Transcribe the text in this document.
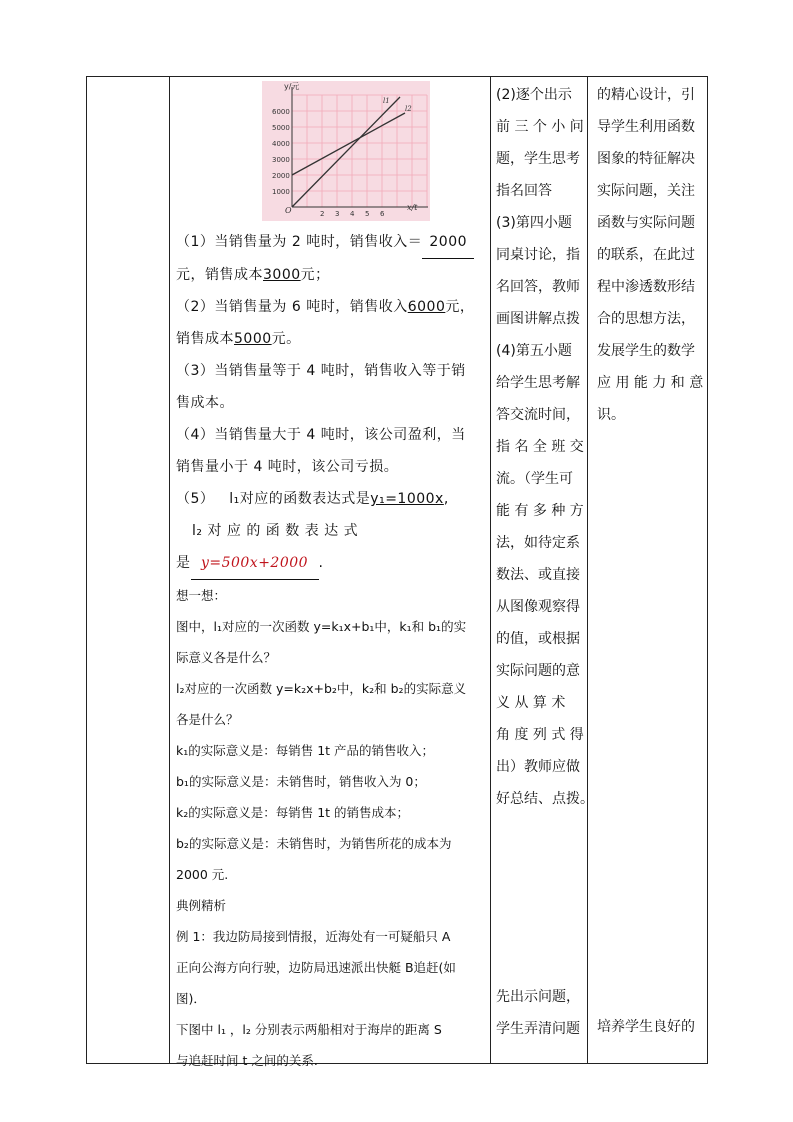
y/元
x/t
O
1000
2000
3000
4000
5000
6000
2 3 4 5 6
l1
l2

（1）当销售量为 2 吨时，销售收入＝ 2000

元，销售成本3000元；

（2）当销售量为 6 吨时，销售收入6000元，

销售成本5000元。

（3）当销售量等于 4 吨时，销售收入等于销

售成本。

（4）当销售量大于 4 吨时，该公司盈利，当

销售量小于 4 吨时，该公司亏损。

（5） l₁对应的函数表达式是y₁=1000x,

l₂ 对 应 的 函 数 表 达 式

是 y=500x+2000 .

想一想：

图中，l₁对应的一次函数 y=k₁x+b₁中，k₁和 b₁的实

际意义各是什么？

l₂对应的一次函数 y=k₂x+b₂中，k₂和 b₂的实际意义

各是什么？

k₁的实际意义是：每销售 1t 产品的销售收入；

b₁的实际意义是：未销售时，销售收入为 0；

k₂的实际意义是：每销售 1t 的销售成本；

b₂的实际意义是：未销售时，为销售所花的成本为

2000 元.

典例精析

例 1：我边防局接到情报，近海处有一可疑船只 A

正向公海方向行驶，边防局迅速派出快艇 B追赶(如

图)．

下图中 l₁ ，l₂ 分别表示两船相对于海岸的距离 S

与追赶时间 t 之间的关系.

(2)逐个出示

前 三 个 小 问

题，学生思考

指名回答

(3)第四小题

同桌讨论，指

名回答，教师

画图讲解点拨

(4)第五小题

给学生思考解

答交流时间，

指 名 全 班 交

流。（学生可

能 有 多 种 方

法，如待定系

数法、或直接

从图像观察得

的值，或根据

实际问题的意

义 从 算 术

角 度 列 式 得

出）教师应做

好总结、点拨。

先出示问题，

学生弄清问题

的精心设计，引

导学生利用函数

图象的特征解决

实际问题，关注

函数与实际问题

的联系，在此过

程中渗透数形结

合的思想方法，

发展学生的数学

应 用 能 力 和 意

识。

培养学生良好的
